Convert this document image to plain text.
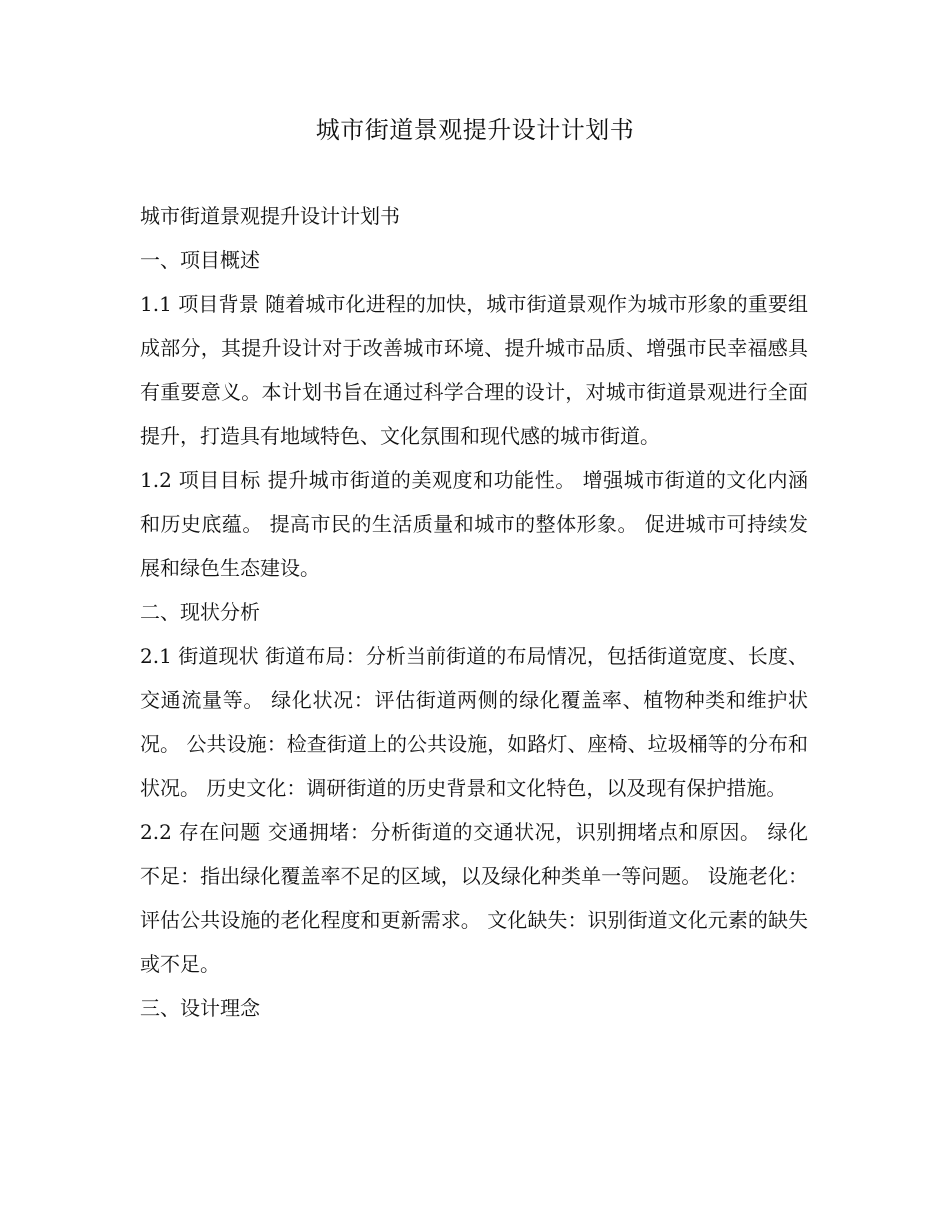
城市街道景观提升设计计划书

城市街道景观提升设计计划书

一、项目概述

1.1 项目背景 随着城市化进程的加快，城市街道景观作为城市形象的重要组成部分，其提升设计对于改善城市环境、提升城市品质、增强市民幸福感具有重要意义。本计划书旨在通过科学合理的设计，对城市街道景观进行全面提升，打造具有地域特色、文化氛围和现代感的城市街道。

1.2 项目目标 提升城市街道的美观度和功能性。 增强城市街道的文化内涵和历史底蕴。 提高市民的生活质量和城市的整体形象。 促进城市可持续发展和绿色生态建设。

二、现状分析

2.1 街道现状 街道布局：分析当前街道的布局情况，包括街道宽度、长度、交通流量等。 绿化状况：评估街道两侧的绿化覆盖率、植物种类和维护状况。 公共设施：检查街道上的公共设施，如路灯、座椅、垃圾桶等的分布和状况。 历史文化：调研街道的历史背景和文化特色，以及现有保护措施。

2.2 存在问题 交通拥堵：分析街道的交通状况，识别拥堵点和原因。 绿化不足：指出绿化覆盖率不足的区域，以及绿化种类单一等问题。 设施老化：评估公共设施的老化程度和更新需求。 文化缺失：识别街道文化元素的缺失或不足。

三、设计理念
